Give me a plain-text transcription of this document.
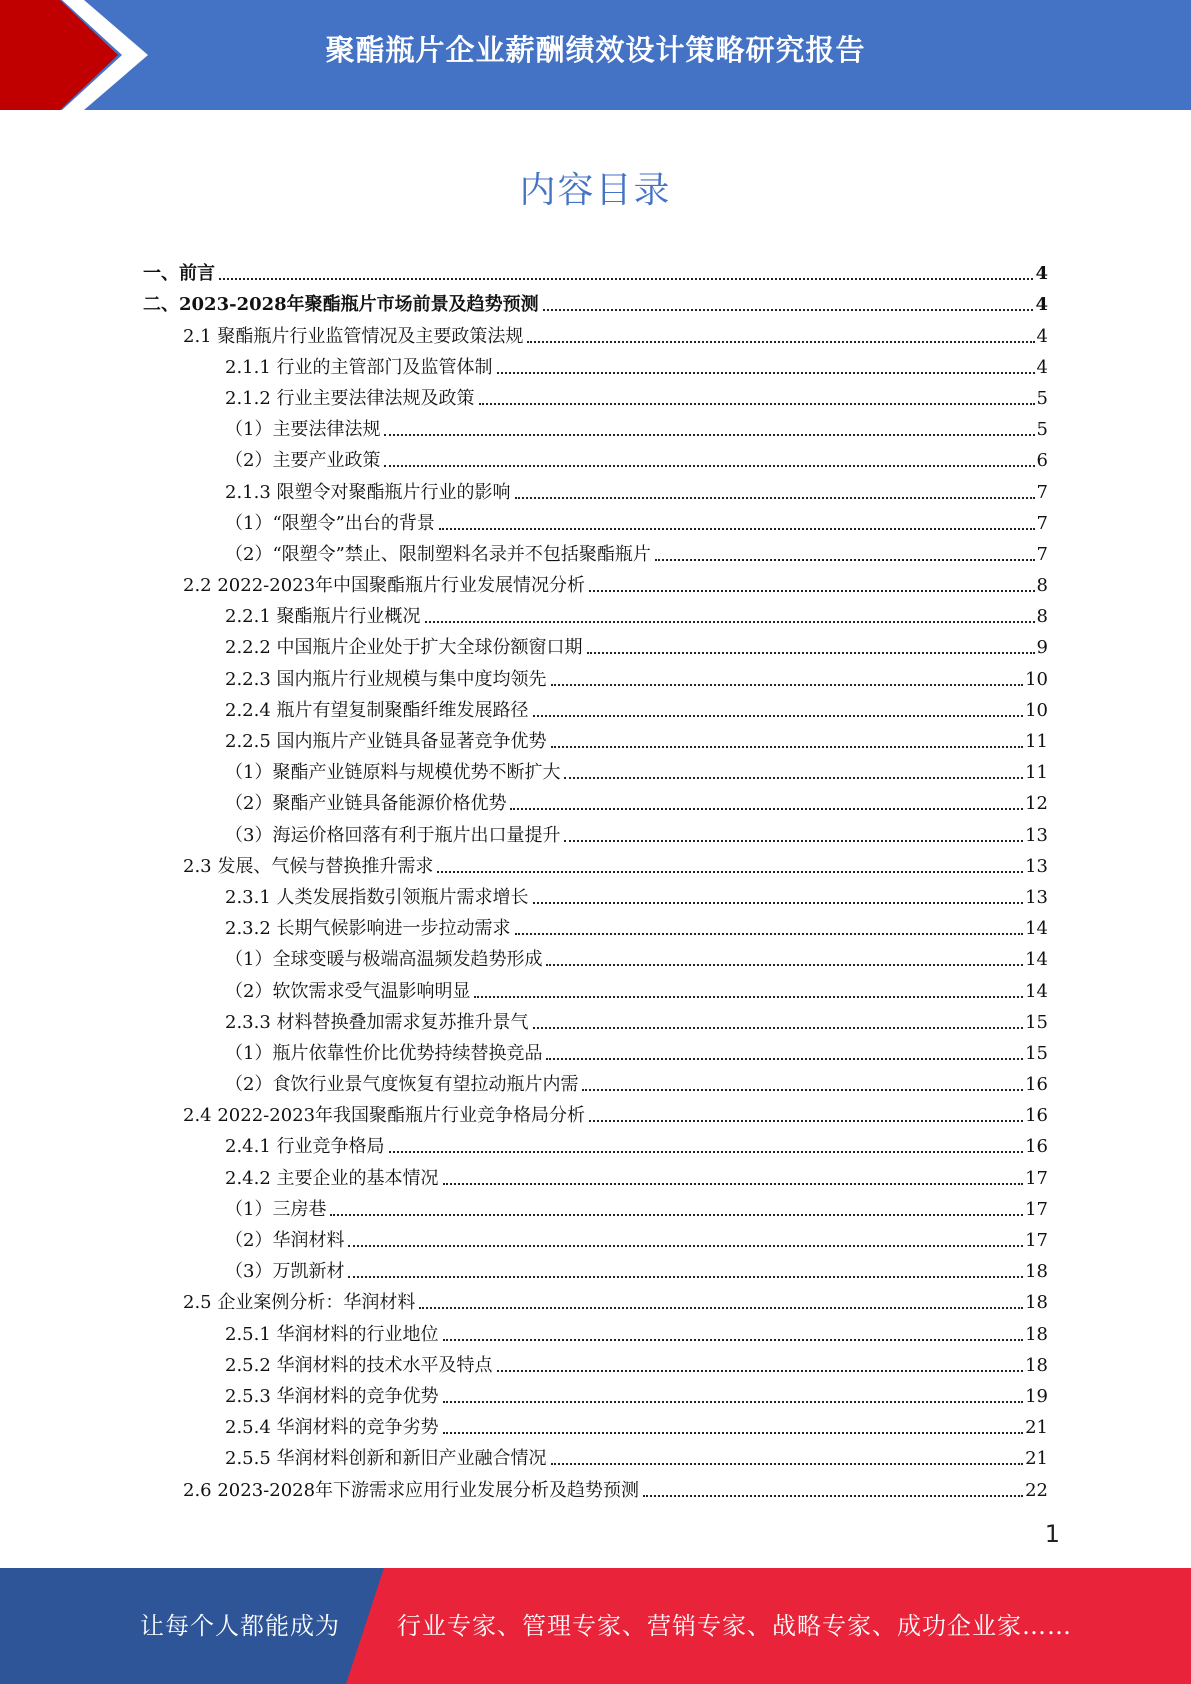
聚酯瓶片企业薪酬绩效设计策略研究报告
内容目录
一、前言	4
二、2023-2028年聚酯瓶片市场前景及趋势预测	4
2.1 聚酯瓶片行业监管情况及主要政策法规	4
2.1.1 行业的主管部门及监管体制	4
2.1.2 行业主要法律法规及政策	5
（1）主要法律法规	5
（2）主要产业政策	6
2.1.3 限塑令对聚酯瓶片行业的影响	7
（1）“限塑令”出台的背景	7
（2）“限塑令”禁止、限制塑料名录并不包括聚酯瓶片	7
2.2 2022-2023年中国聚酯瓶片行业发展情况分析	8
2.2.1 聚酯瓶片行业概况	8
2.2.2 中国瓶片企业处于扩大全球份额窗口期	9
2.2.3 国内瓶片行业规模与集中度均领先	10
2.2.4 瓶片有望复制聚酯纤维发展路径	10
2.2.5 国内瓶片产业链具备显著竞争优势	11
（1）聚酯产业链原料与规模优势不断扩大	11
（2）聚酯产业链具备能源价格优势	12
（3）海运价格回落有利于瓶片出口量提升	13
2.3 发展、气候与替换推升需求	13
2.3.1 人类发展指数引领瓶片需求增长	13
2.3.2 长期气候影响进一步拉动需求	14
（1）全球变暖与极端高温频发趋势形成	14
（2）软饮需求受气温影响明显	14
2.3.3 材料替换叠加需求复苏推升景气	15
（1）瓶片依靠性价比优势持续替换竞品	15
（2）食饮行业景气度恢复有望拉动瓶片内需	16
2.4 2022-2023年我国聚酯瓶片行业竞争格局分析	16
2.4.1 行业竞争格局	16
2.4.2 主要企业的基本情况	17
（1）三房巷	17
（2）华润材料	17
（3）万凯新材	18
2.5 企业案例分析：华润材料	18
2.5.1 华润材料的行业地位	18
2.5.2 华润材料的技术水平及特点	18
2.5.3 华润材料的竞争优势	19
2.5.4 华润材料的竞争劣势	21
2.5.5 华润材料创新和新旧产业融合情况	21
2.6 2023-2028年下游需求应用行业发展分析及趋势预测	22
1
让每个人都能成为 行业专家、管理专家、营销专家、战略专家、成功企业家……
